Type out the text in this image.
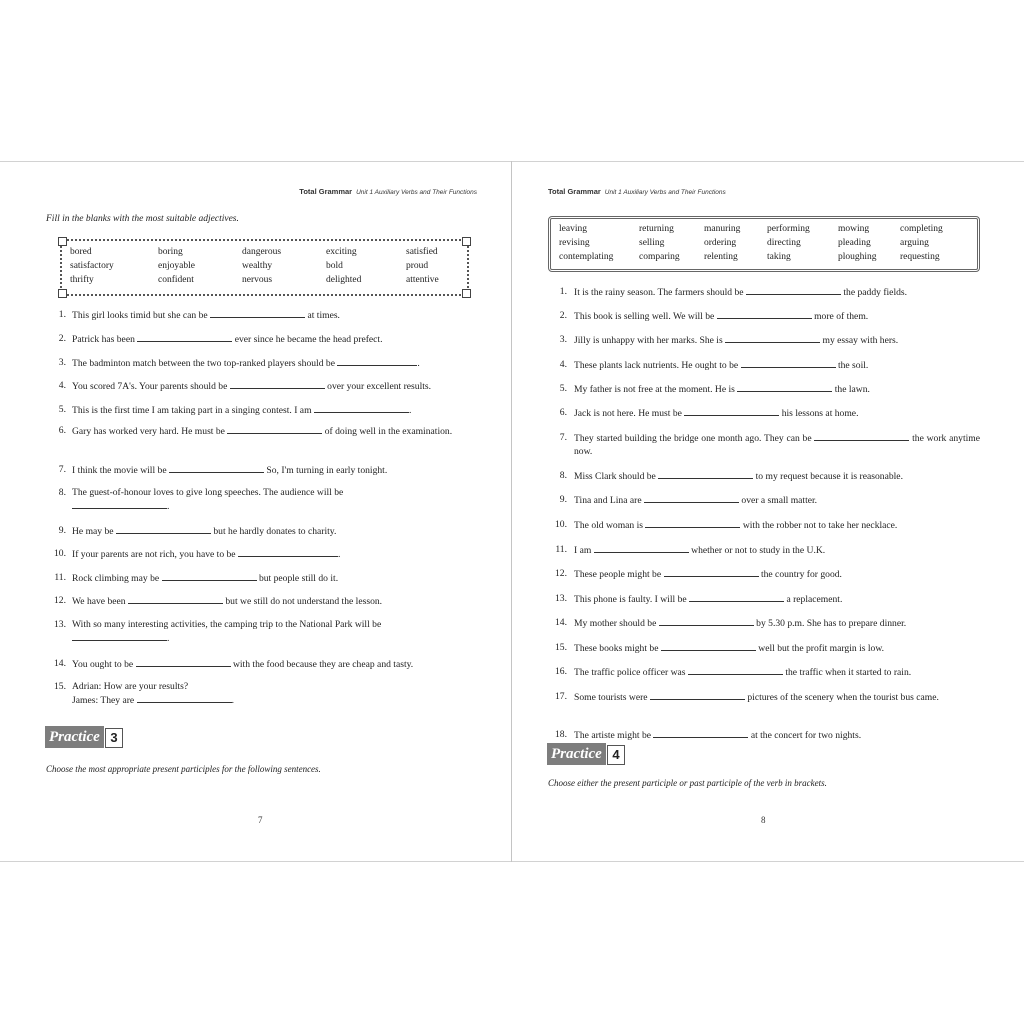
Total Grammar Unit 1 Auxiliary Verbs and Their Functions
Fill in the blanks with the most suitable adjectives.
bored	boring	dangerous	exciting	satisfied
satisfactory	enjoyable	wealthy	bold	proud
thrifty	confident	nervous	delighted	attentive
1. This girl looks timid but she can be	at times.
2. Patrick has been	ever since he became the head prefect.
3. The badminton match between the two top-ranked players should be	.
4. You scored 7A's. Your parents should be	over your excellent results.
5. This is the first time I am taking part in a singing contest. I am	.
6. Gary has worked very hard. He must be	of doing well in the examination.
7. I think the movie will be	So, I'm turning in early tonight.
8. The guest-of-honour loves to give long speeches. The audience will be
.
9. He may be	but he hardly donates to charity.
10. If your parents are not rich, you have to be	.
11. Rock climbing may be	but people still do it.
12. We have been	but we still do not understand the lesson.
13. With so many interesting activities, the camping trip to the National Park will be
.
14. You ought to be	with the food because they are cheap and tasty.
15. Adrian: How are your results?
James: They are	.
Practice 3
Choose the most appropriate present participles for the following sentences.
7
Total Grammar Unit 1 Auxiliary Verbs and Their Functions
leaving	returning	manuring	performing	mowing	completing
revising	selling	ordering	directing	pleading	arguing
contemplating	comparing	relenting	taking	ploughing	requesting
1. It is the rainy season. The farmers should be	the paddy fields.
2. This book is selling well. We will be	more of them.
3. Jilly is unhappy with her marks. She is	my essay with hers.
4. These plants lack nutrients. He ought to be	the soil.
5. My father is not free at the moment. He is	the lawn.
6. Jack is not here. He must be	his lessons at home.
7. They started building the bridge one month ago. They can be	the work anytime now.
8. Miss Clark should be	to my request because it is reasonable.
9. Tina and Lina are	over a small matter.
10. The old woman is	with the robber not to take her necklace.
11. I am	whether or not to study in the U.K.
12. These people might be	the country for good.
13. This phone is faulty. I will be	a replacement.
14. My mother should be	by 5.30 p.m. She has to prepare dinner.
15. These books might be	well but the profit margin is low.
16. The traffic police officer was	the traffic when it started to rain.
17. Some tourists were	pictures of the scenery when the tourist bus came.
18. The artiste might be	at the concert for two nights.
Practice 4
Choose either the present participle or past participle of the verb in brackets.
8
